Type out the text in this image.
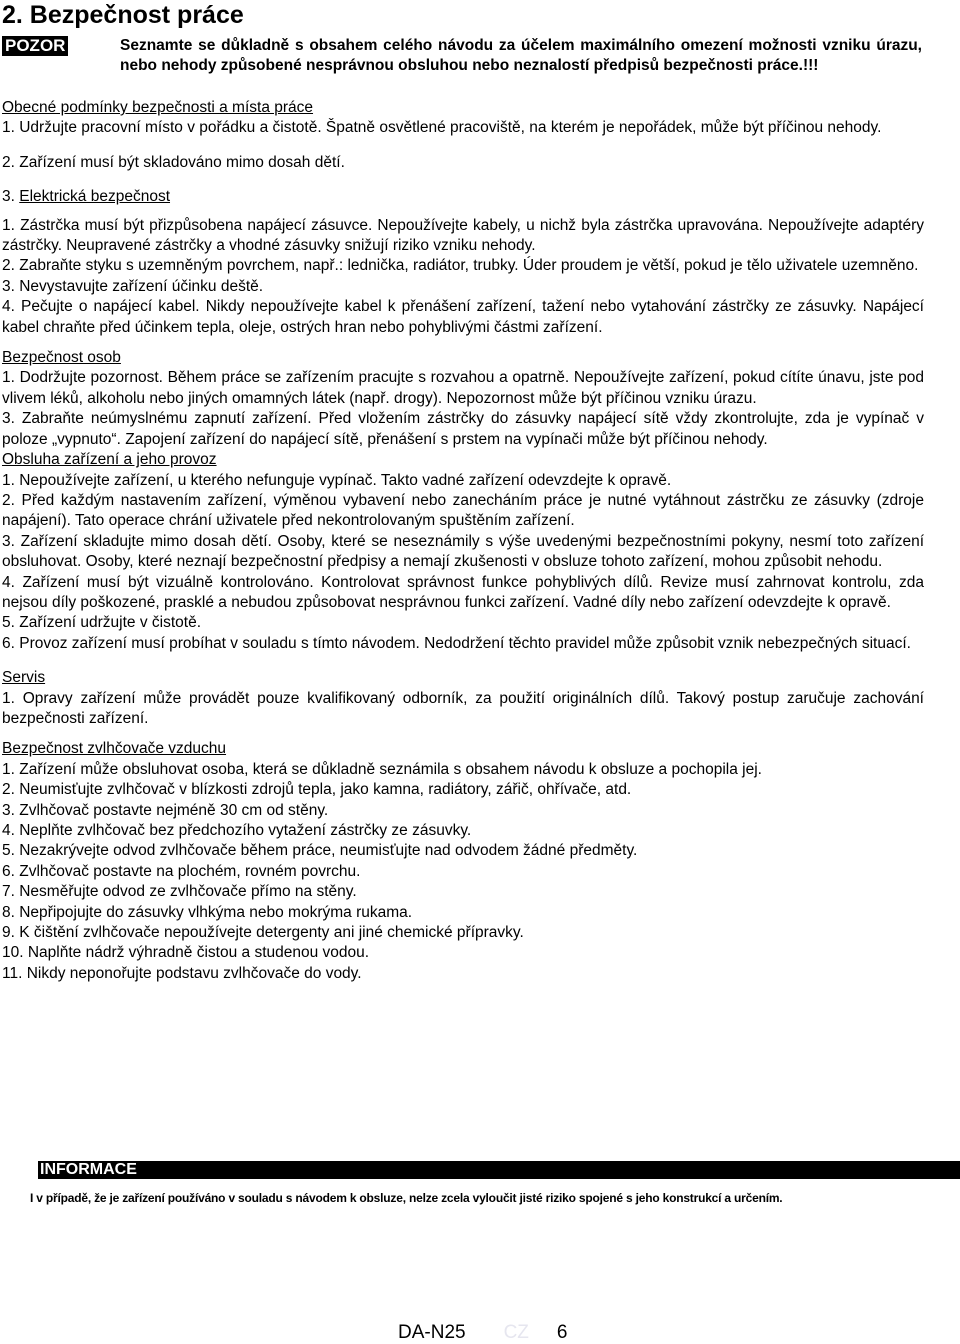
2. Bezpečnost práce
POZOR	Seznamte se důkladně s obsahem celého návodu za účelem maximálního omezení možnosti vzniku úrazu, nebo nehody způsobené nesprávnou obsluhou nebo neznalostí předpisů bezpečnosti práce.!!!

Obecné podmínky bezpečnosti a místa práce

1. Udržujte pracovní místo v pořádku a čistotě. Špatně osvětlené pracoviště, na kterém je nepořádek, může být příčinou nehody.

2. Zařízení musí být skladováno mimo dosah dětí.

3. Elektrická bezpečnost

1. Zástrčka musí být přizpůsobena napájecí zásuvce. Nepoužívejte kabely, u nichž byla zástrčka upravována. Nepoužívejte adaptéry zástrčky. Neupravené zástrčky a vhodné zásuvky snižují riziko vzniku nehody.

2. Zabraňte styku s uzemněným povrchem, např.: lednička, radiátor, trubky. Úder proudem je větší, pokud je tělo uživatele uzemněno.

3. Nevystavujte zařízení účinku deště.

4. Pečujte o napájecí kabel. Nikdy nepoužívejte kabel k přenášení zařízení, tažení nebo vytahování zástrčky ze zásuvky. Napájecí kabel chraňte před účinkem tepla, oleje, ostrých hran nebo pohyblivými částmi zařízení.

Bezpečnost osob

1. Dodržujte pozornost. Během práce se zařízením pracujte s rozvahou a opatrně. Nepoužívejte zařízení, pokud cítíte únavu, jste pod vlivem léků, alkoholu nebo jiných omamných látek (např. drogy). Nepozornost může být příčinou vzniku úrazu.

3. Zabraňte neúmyslnému zapnutí zařízení. Před vložením zástrčky do zásuvky napájecí sítě vždy zkontrolujte, zda je vypínač v poloze „vypnuto“. Zapojení zařízení do napájecí sítě, přenášení s prstem na vypínači může být příčinou nehody.

Obsluha zařízení a jeho provoz

1. Nepoužívejte zařízení, u kterého nefunguje vypínač. Takto vadné zařízení odevzdejte k opravě.

2. Před každým nastavením zařízení, výměnou vybavení nebo zanecháním práce je nutné vytáhnout zástrčku ze zásuvky (zdroje napájení). Tato operace chrání uživatele před nekontrolovaným spuštěním zařízení.

3. Zařízení skladujte mimo dosah dětí. Osoby, které se neseznámily s výše uvedenými bezpečnostními pokyny, nesmí toto zařízení obsluhovat. Osoby, které neznají bezpečnostní předpisy a nemají zkušenosti v obsluze tohoto zařízení, mohou způsobit nehodu.

4. Zařízení musí být vizuálně kontrolováno. Kontrolovat správnost funkce pohyblivých dílů. Revize musí zahrnovat kontrolu, zda nejsou díly poškozené, prasklé a nebudou způsobovat nesprávnou funkci zařízení. Vadné díly nebo zařízení odevzdejte k opravě.

5. Zařízení udržujte v čistotě.

6. Provoz zařízení musí probíhat v souladu s tímto návodem. Nedodržení těchto pravidel může způsobit vznik nebezpečných situací.

Servis

1. Opravy zařízení může provádět pouze kvalifikovaný odborník, za použití originálních dílů. Takový postup zaručuje zachování bezpečnosti zařízení.

Bezpečnost zvlhčovače vzduchu

1. Zařízení může obsluhovat osoba, která se důkladně seznámila s obsahem návodu k obsluze a pochopila jej.

2. Neumisťujte zvlhčovač v blízkosti zdrojů tepla, jako kamna, radiátory, zářič, ohřívače, atd.

3. Zvlhčovač postavte nejméně 30 cm od stěny.

4. Neplňte zvlhčovač bez předchozího vytažení zástrčky ze zásuvky.

5. Nezakrývejte odvod zvlhčovače během práce, neumisťujte nad odvodem žádné předměty.

6. Zvlhčovač postavte na plochém, rovném povrchu.

7. Nesměřujte odvod ze zvlhčovače přímo na stěny.

8. Nepřipojujte do zásuvky vlhkýma nebo mokrýma rukama.

9. K čištění zvlhčovače nepoužívejte detergenty ani jiné chemické přípravky.

10. Naplňte nádrž výhradně čistou a studenou vodou.

11. Nikdy neponořujte podstavu zvlhčovače do vody.

INFORMACE
I v případě, že je zařízení používáno v souladu s návodem k obsluze, nelze zcela vyloučit jisté riziko spojené s jeho konstrukcí a určením.
DA-N25 CZ 6
